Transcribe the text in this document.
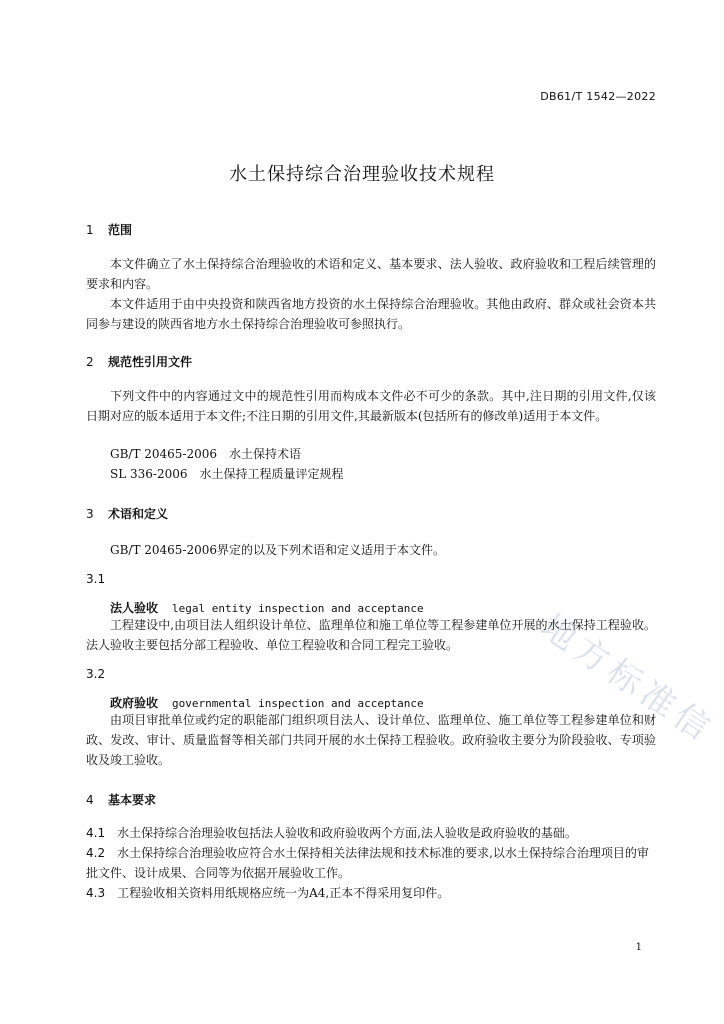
DB61/T 1542—2022
水土保持综合治理验收技术规程
地方标准信
1 范围

本文件确立了水土保持综合治理验收的术语和定义、基本要求、法人验收、政府验收和工程后续管理的要求和内容。

本文件适用于由中央投资和陕西省地方投资的水土保持综合治理验收。其他由政府、群众或社会资本共同参与建设的陕西省地方水土保持综合治理验收可参照执行。

2 规范性引用文件

下列文件中的内容通过文中的规范性引用而构成本文件必不可少的条款。其中,注日期的引用文件,仅该日期对应的版本适用于本文件;不注日期的引用文件,其最新版本(包括所有的修改单)适用于本文件。

GB/T 20465-2006　水土保持术语
SL 336-2006　水土保持工程质量评定规程
3 术语和定义
GB/T 20465-2006界定的以及下列术语和定义适用于本文件。
3.1
法人验收 legal entity inspection and acceptance

工程建设中,由项目法人组织设计单位、监理单位和施工单位等工程参建单位开展的水土保持工程验收。法人验收主要包括分部工程验收、单位工程验收和合同工程完工验收。

3.2
政府验收 governmental inspection and acceptance

由项目审批单位或约定的职能部门组织项目法人、设计单位、监理单位、施工单位等工程参建单位和财政、发改、审计、质量监督等相关部门共同开展的水土保持工程验收。政府验收主要分为阶段验收、专项验收及竣工验收。

4 基本要求

4.1 水土保持综合治理验收包括法人验收和政府验收两个方面,法人验收是政府验收的基础。

4.2 水土保持综合治理验收应符合水土保持相关法律法规和技术标准的要求,以水土保持综合治理项目的审批文件、设计成果、合同等为依据开展验收工作。

4.3 工程验收相关资料用纸规格应统一为A4,正本不得采用复印件。

1
